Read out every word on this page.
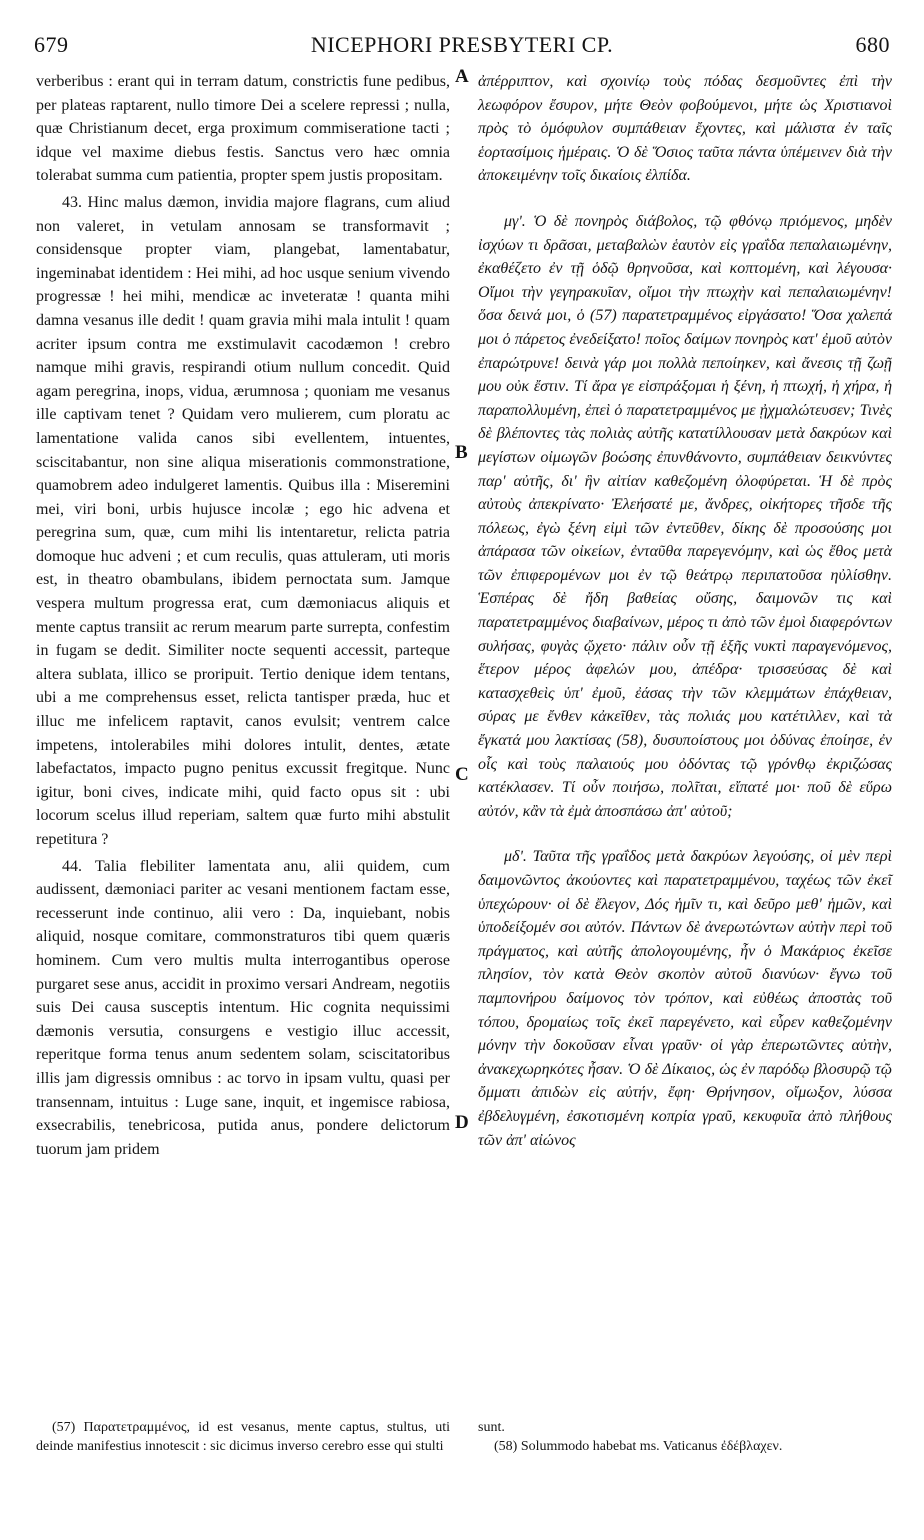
679	NICEPHORI PRESBYTERI CP.	680

verberibus : erant qui in terram datum, constrictis fune pedibus, per plateas raptarent, nullo timore Dei a scelere repressi ; nulla, quæ Christianum decet, erga proximum commiseratione tacti ; idque vel maxime diebus festis. Sanctus vero hæc omnia tolerabat summa cum patientia, propter spem justis propositam.

43. Hinc malus dæmon, invidia majore flagrans, cum aliud non valeret, in vetulam annosam se transformavit ; considensque propter viam, plangebat, lamentabatur, ingeminabat identidem : Hei mihi, ad hoc usque senium vivendo progressæ ! hei mihi, mendicæ ac inveteratæ ! quanta mihi damna vesanus ille dedit ! quam gravia mihi mala intulit ! quam acriter ipsum contra me exstimulavit cacodæmon ! crebro namque mihi gravis, respirandi otium nullum concedit. Quid agam peregrina, inops, vidua, ærumnosa ; quoniam me vesanus ille captivam tenet ? Quidam vero mulierem, cum ploratu ac lamentatione valida canos sibi evellentem, intuentes, sciscitabantur, non sine aliqua miserationis commonstratione, quamobrem adeo indulgeret lamentis. Quibus illa : Miseremini mei, viri boni, urbis hujusce incolæ ; ego hic advena et peregrina sum, quæ, cum mihi lis intentaretur, relicta patria domoque huc adveni ; et cum reculis, quas attuleram, uti moris est, in theatro obambulans, ibidem pernoctata sum. Jamque vespera multum progressa erat, cum dæmoniacus aliquis et mente captus transiit ac rerum mearum parte surrepta, confestim in fugam se dedit. Similiter nocte sequenti accessit, parteque altera sublata, illico se proripuit. Tertio denique idem tentans, ubi a me comprehensus esset, relicta tantisper præda, huc et illuc me infelicem raptavit, canos evulsit; ventrem calce impetens, intolerabiles mihi dolores intulit, dentes, ætate labefactatos, impacto pugno penitus excussit fregitque. Nunc igitur, boni cives, indicate mihi, quid facto opus sit : ubi locorum scelus illud reperiam, saltem quæ furto mihi abstulit repetitura ?

44. Talia flebiliter lamentata anu, alii quidem, cum audissent, dæmoniaci pariter ac vesani mentionem factam esse, recesserunt inde continuo, alii vero : Da, inquiebant, nobis aliquid, nosque comitare, commonstraturos tibi quem quæris hominem. Cum vero multis multa interrogantibus operose purgaret sese anus, accidit in proximo versari Andream, negotiis suis Dei causa susceptis intentum. Hic cognita nequissimi dæmonis versutia, consurgens e vestigio illuc accessit, reperitque forma tenus anum sedentem solam, sciscitatoribus illis jam digressis omnibus : ac torvo in ipsam vultu, quasi per transennam, intuitus : Luge sane, inquit, et ingemisce rabiosa, exsecrabilis, tenebricosa, putida anus, pondere delictorum tuorum jam pridem

A
B
C
D

ἀπέρριπτον, καὶ σχοινίῳ τοὺς πόδας δεσμοῦντες ἐπὶ τὴν λεωφόρον ἔσυρον, μήτε Θεὸν φοβούμενοι, μήτε ὡς Χριστιανοὶ πρὸς τὸ ὁμόφυλον συμπάθειαν ἔχοντες, καὶ μάλιστα ἐν ταῖς ἑορτασίμοις ἡμέραις. Ὁ δὲ Ὅσιος ταῦτα πάντα ὑπέμεινεν διὰ τὴν ἀποκειμένην τοῖς δικαίοις ἐλπίδα.

μγʹ. Ὁ δὲ πονηρὸς διάβολος, τῷ φθόνῳ πριόμενος, μηδὲν ἰσχύων τι δρᾶσαι, μεταβαλὼν ἑαυτὸν εἰς γραΐδα πεπαλαιωμένην, ἐκαθέζετο ἐν τῇ ὁδῷ θρηνοῦσα, καὶ κοπτομένη, καὶ λέγουσα· Οἴμοι τὴν γεγηρακυῖαν, οἴμοι τὴν πτωχὴν καὶ πεπαλαιωμένην! ὅσα δεινά μοι, ὁ (57) παρατετραμμένος εἰργάσατο! Ὅσα χαλεπά μοι ὁ πάρετος ἐνεδείξατο! ποῖος δαίμων πονηρὸς κατ' ἐμοῦ αὐτὸν ἐπαρώτρυνε! δεινὰ γάρ μοι πολλὰ πεποίηκεν, καὶ ἄνεσις τῇ ζωῇ μου οὐκ ἔστιν. Τί ἄρα γε εἰσπράξομαι ἡ ξένη, ἡ πτωχή, ἡ χήρα, ἡ παραπολλυμένη, ἐπεὶ ὁ παρατετραμμένος με ᾐχμαλώτευσεν; Τινὲς δὲ βλέποντες τὰς πολιὰς αὐτῆς κατατίλλουσαν μετὰ δακρύων καὶ μεγίστων οἰμωγῶν βοώσης ἐπυνθάνοντο, συμπάθειαν δεικνύντες παρ' αὐτῆς, δι' ἣν αἰτίαν καθεζομένη ὀλοφύρεται. Ἡ δὲ πρὸς αὐτοὺς ἀπεκρίνατο· Ἐλεήσατέ με, ἄνδρες, οἰκήτορες τῆσδε τῆς πόλεως, ἐγὼ ξένη εἰμὶ τῶν ἐντεῦθεν, δίκης δὲ προσούσης μοι ἀπάρασα τῶν οἰκείων, ἐνταῦθα παρεγενόμην, καὶ ὡς ἔθος μετὰ τῶν ἐπιφερομένων μοι ἐν τῷ θεάτρῳ περιπατοῦσα ηὐλίσθην. Ἑσπέρας δὲ ἤδη βαθείας οὔσης, δαιμονῶν τις καὶ παρατετραμμένος διαβαίνων, μέρος τι ἀπὸ τῶν ἐμοὶ διαφερόντων συλήσας, φυγὰς ᾤχετο· πάλιν οὖν τῇ ἑξῆς νυκτὶ παραγενόμενος, ἕτερον μέρος ἀφελών μου, ἀπέδρα· τρισσεύσας δὲ καὶ κατασχεθεὶς ὑπ' ἐμοῦ, ἐάσας τὴν τῶν κλεμμάτων ἐπάχθειαν, σύρας με ἔνθεν κἀκεῖθεν, τὰς πολιάς μου κατέτιλλεν, καὶ τὰ ἔγκατά μου λακτίσας (58), δυσυποίστους μοι ὀδύνας ἐποίησε, ἐν οἷς καὶ τοὺς παλαιούς μου ὀδόντας τῷ γρόνθῳ ἐκριζώσας κατέκλασεν. Τί οὖν ποιήσω, πολῖται, εἴπατέ μοι· ποῦ δὲ εὕρω αὐτόν, κἂν τὰ ἐμὰ ἀποσπάσω ἀπ' αὐτοῦ;

μδʹ. Ταῦτα τῆς γραΐδος μετὰ δακρύων λεγούσης, οἱ μὲν περὶ δαιμονῶντος ἀκούοντες καὶ παρατετραμμένου, ταχέως τῶν ἐκεῖ ὑπεχώρουν· οἱ δὲ ἔλεγον, Δός ἡμῖν τι, καὶ δεῦρο μεθ' ἡμῶν, καὶ ὑποδείξομέν σοι αὐτόν. Πάντων δὲ ἀνερωτώντων αὐτὴν περὶ τοῦ πράγματος, καὶ αὐτῆς ἀπολογουμένης, ἦν ὁ Μακάριος ἐκεῖσε πλησίον, τὸν κατὰ Θεὸν σκοπὸν αὐτοῦ διανύων· ἔγνω τοῦ παμπονήρου δαίμονος τὸν τρόπον, καὶ εὐθέως ἀποστὰς τοῦ τόπου, δρομαίως τοῖς ἐκεῖ παρεγένετο, καὶ εὗρεν καθεζομένην μόνην τὴν δοκοῦσαν εἶναι γραῦν· οἱ γὰρ ἐπερωτῶντες αὐτὴν, ἀνακεχωρηκότες ἦσαν. Ὁ δὲ Δίκαιος, ὡς ἐν παρόδῳ βλοσυρῷ τῷ ὄμματι ἀπιδὼν εἰς αὐτήν, ἔφη· Θρήνησον, οἴμωξον, λύσσα ἐβδελυγμένη, ἐσκοτισμένη κοπρία γραῦ, κεκυφυῖα ἀπὸ πλήθους τῶν ἀπ' αἰώνος

(57) Παρατετραμμένος, id est vesanus, mente captus, stultus, uti deinde manifestius innotescit : sic dicimus inverso cerebro esse qui stulti

sunt.

(58) Solummodo habebat ms. Vaticanus ἐδέβλαχεν.
